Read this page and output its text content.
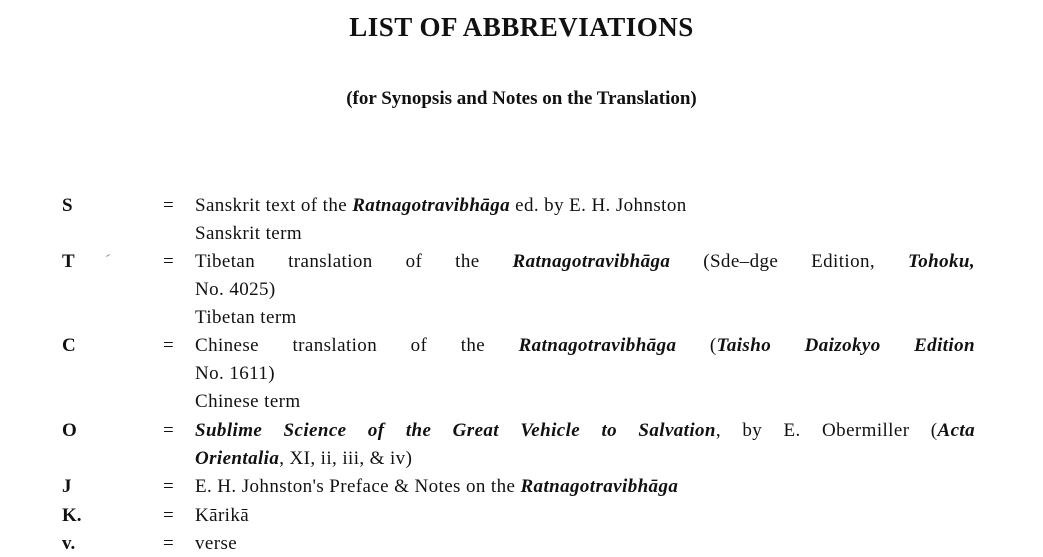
LIST OF ABBREVIATIONS
(for Synopsis and Notes on the Translation)
S	= Sanskrit text of the Ratnagotravibhāga ed. by E. H. Johnston
Sanskrit term
T	= Tibetan translation of the Ratnagotravibhāga (Sde–dge Edition, Tohoku,
No. 4025)
Tibetan term
C	= Chinese translation of the Ratnagotravibhāga (Taisho Daizokyo Edition
No. 1611)
Chinese term
O	= Sublime Science of the Great Vehicle to Salvation, by E. Obermiller (Acta
Orientalia, XI, ii, iii, & iv)
J	= E. H. Johnston's Preface & Notes on the Ratnagotravibhāga
K.	= Kārikā
v.	= verse
